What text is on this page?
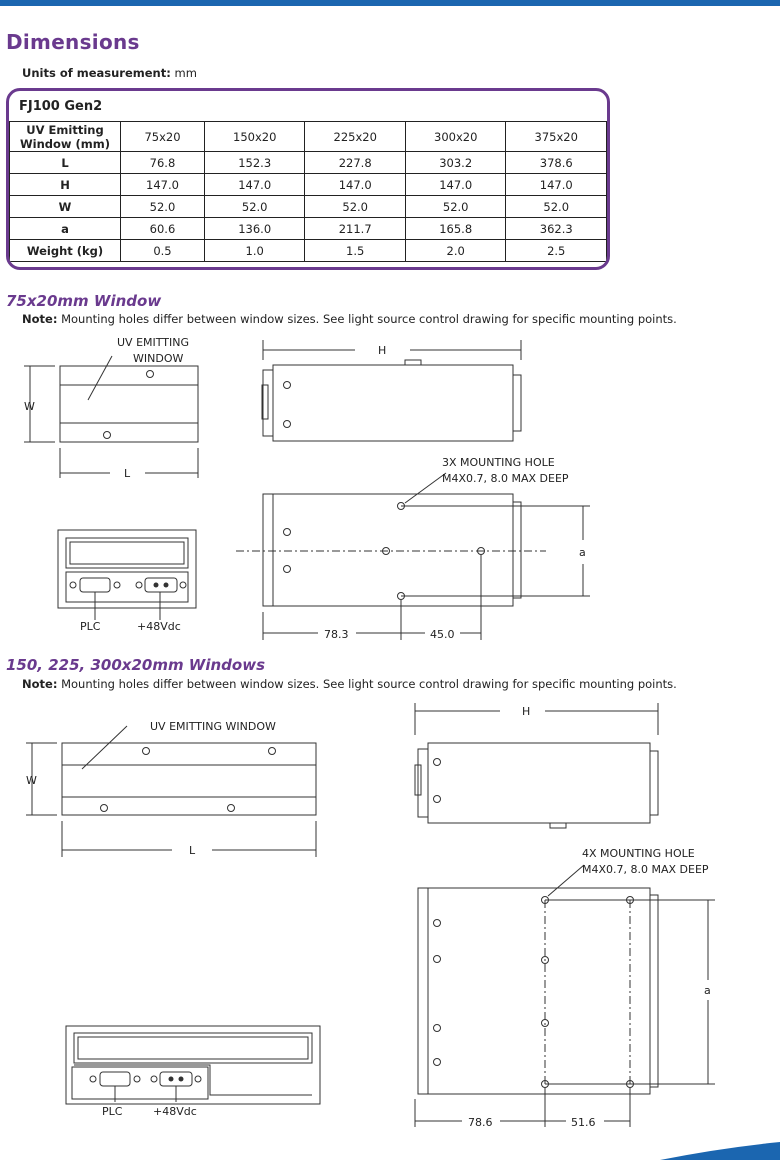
Dimensions
Units of measurement: mm
FJ100 Gen2
UV Emitting
Window (mm)	75x20	150x20	225x20	300x20	375x20
L	76.8	152.3	227.8	303.2	378.6
H	147.0	147.0	147.0	147.0	147.0
W	52.0	52.0	52.0	52.0	52.0
a	60.6	136.0	211.7	165.8	362.3
Weight (kg)	0.5	1.0	1.5	2.0	2.5
75x20mm Window
Note: Mounting holes differ between window sizes. See light source control drawing for specific mounting points.
UV EMITTING
WINDOW
W
L
H
a
3X MOUNTING HOLE
M4X0.7, 8.0 MAX DEEP
78.3	45.0
PLC	+48Vdc
150, 225, 300x20mm Windows
Note: Mounting holes differ between window sizes. See light source control drawing for specific mounting points.
UV EMITTING WINDOW
W
L
H
a
4X MOUNTING HOLE
M4X0.7, 8.0 MAX DEEP
78.6	51.6
PLC	+48Vdc
